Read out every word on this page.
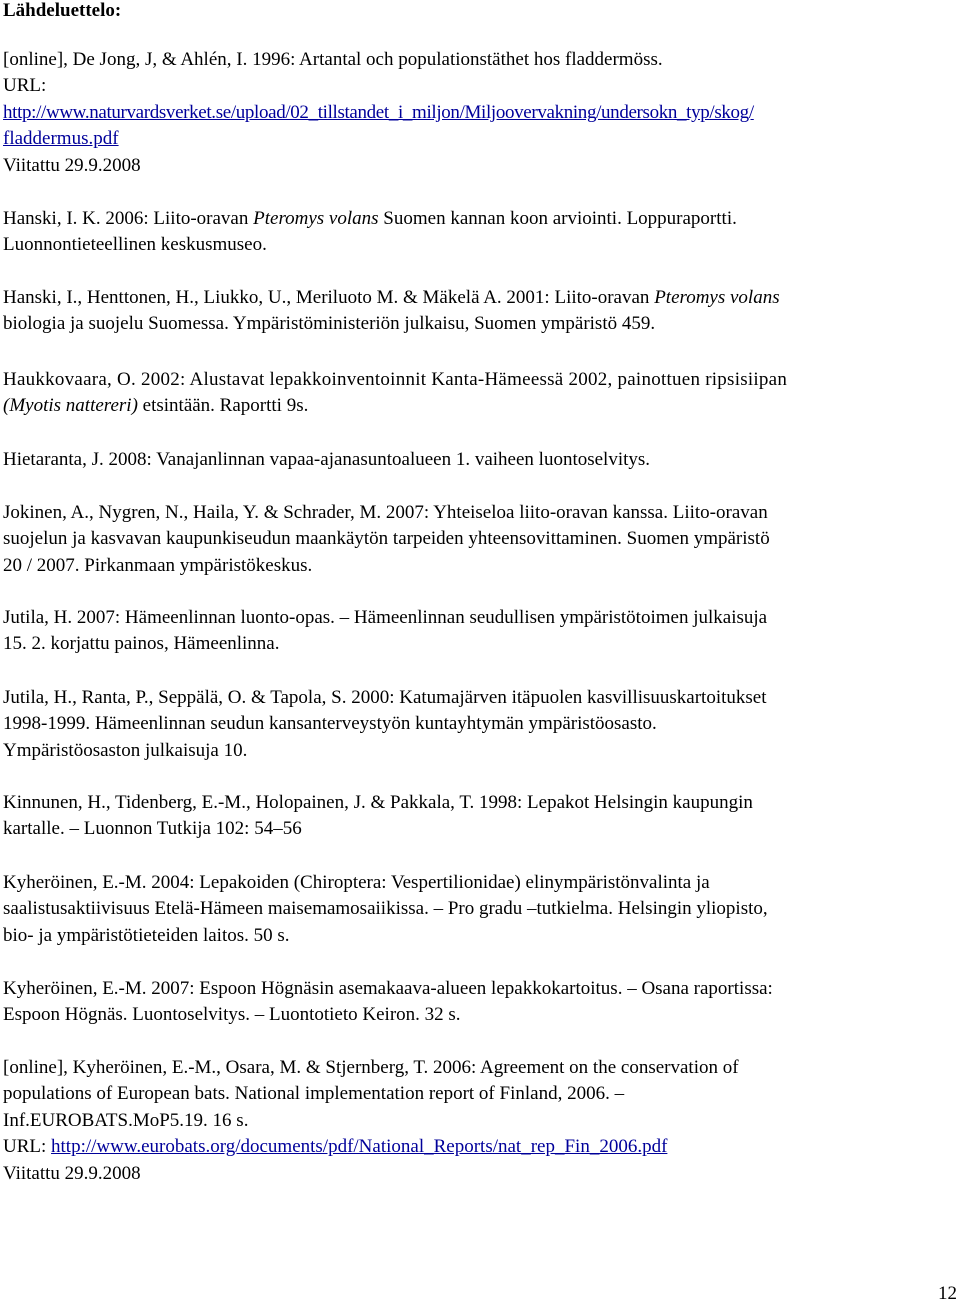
Lähdeluettelo:

[online], De Jong, J, & Ahlén, I. 1996: Artantal och populationstäthet hos fladdermöss.
URL:
http://www.naturvardsverket.se/upload/02_tillstandet_i_miljon/Miljoovervakning/undersokn_typ/skog/
fladdermus.pdf
Viitattu 29.9.2008
Hanski, I. K. 2006: Liito-oravan Pteromys volans Suomen kannan koon arviointi. Loppuraportti.
Luonnontieteellinen keskusmuseo.
Hanski, I., Henttonen, H., Liukko, U., Meriluoto M. & Mäkelä A. 2001: Liito-oravan Pteromys volans
biologia ja suojelu Suomessa. Ympäristöministeriön julkaisu, Suomen ympäristö 459.
Haukkovaara, O. 2002: Alustavat lepakkoinventoinnit Kanta-Hämeessä 2002, painottuen ripsisiipan
(Myotis nattereri) etsintään. Raportti 9s.
Hietaranta, J. 2008: Vanajanlinnan vapaa-ajanasuntoalueen 1. vaiheen luontoselvitys.
Jokinen, A., Nygren, N., Haila, Y. & Schrader, M. 2007: Yhteiseloa liito-oravan kanssa. Liito-oravan
suojelun ja kasvavan kaupunkiseudun maankäytön tarpeiden yhteensovittaminen. Suomen ympäristö
20 / 2007. Pirkanmaan ympäristökeskus.
Jutila, H. 2007: Hämeenlinnan luonto-opas. – Hämeenlinnan seudullisen ympäristötoimen julkaisuja
15. 2. korjattu painos, Hämeenlinna.
Jutila, H., Ranta, P., Seppälä, O. & Tapola, S. 2000: Katumajärven itäpuolen kasvillisuuskartoitukset
1998-1999. Hämeenlinnan seudun kansanterveystyön kuntayhtymän ympäristöosasto.
Ympäristöosaston julkaisuja 10.
Kinnunen, H., Tidenberg, E.-M., Holopainen, J. & Pakkala, T. 1998: Lepakot Helsingin kaupungin
kartalle. – Luonnon Tutkija 102: 54–56
Kyheröinen, E.-M. 2004: Lepakoiden (Chiroptera: Vespertilionidae) elinympäristönvalinta ja
saalistusaktiivisuus Etelä-Hämeen maisemamosaiikissa. – Pro gradu –tutkielma. Helsingin yliopisto,
bio- ja ympäristötieteiden laitos. 50 s.
Kyheröinen, E.-M. 2007: Espoon Högnäsin asemakaava-alueen lepakkokartoitus. – Osana raportissa:
Espoon Högnäs. Luontoselvitys. – Luontotieto Keiron. 32 s.
[online], Kyheröinen, E.-M., Osara, M. & Stjernberg, T. 2006: Agreement on the conservation of
populations of European bats. National implementation report of Finland, 2006. –
Inf.EUROBATS.MoP5.19. 16 s.
URL: http://www.eurobats.org/documents/pdf/National_Reports/nat_rep_Fin_2006.pdf
Viitattu 29.9.2008
12
